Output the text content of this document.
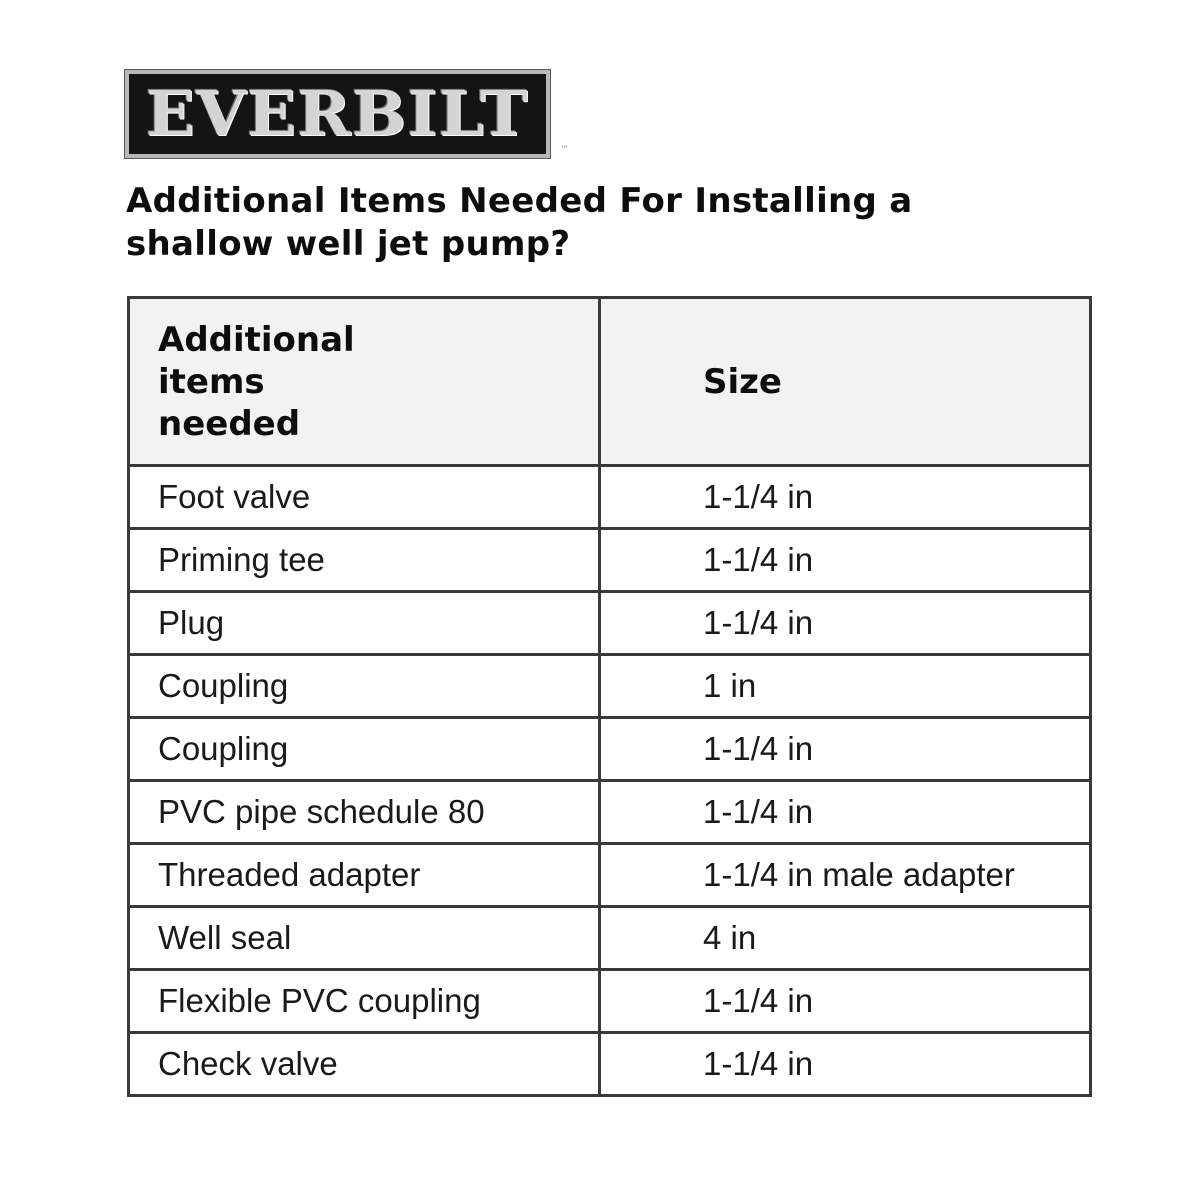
EVERBILT	™
Additional Items Needed For Installing a shallow well jet pump?
Additional
items
needed	Size
Foot valve	1-1/4 in
Priming tee	1-1/4 in
Plug	1-1/4 in
Coupling	1 in
Coupling	1-1/4 in
PVC pipe schedule 80	1-1/4 in
Threaded adapter	1-1/4 in male adapter
Well seal	4 in
Flexible PVC coupling	1-1/4 in
Check valve	1-1/4 in
